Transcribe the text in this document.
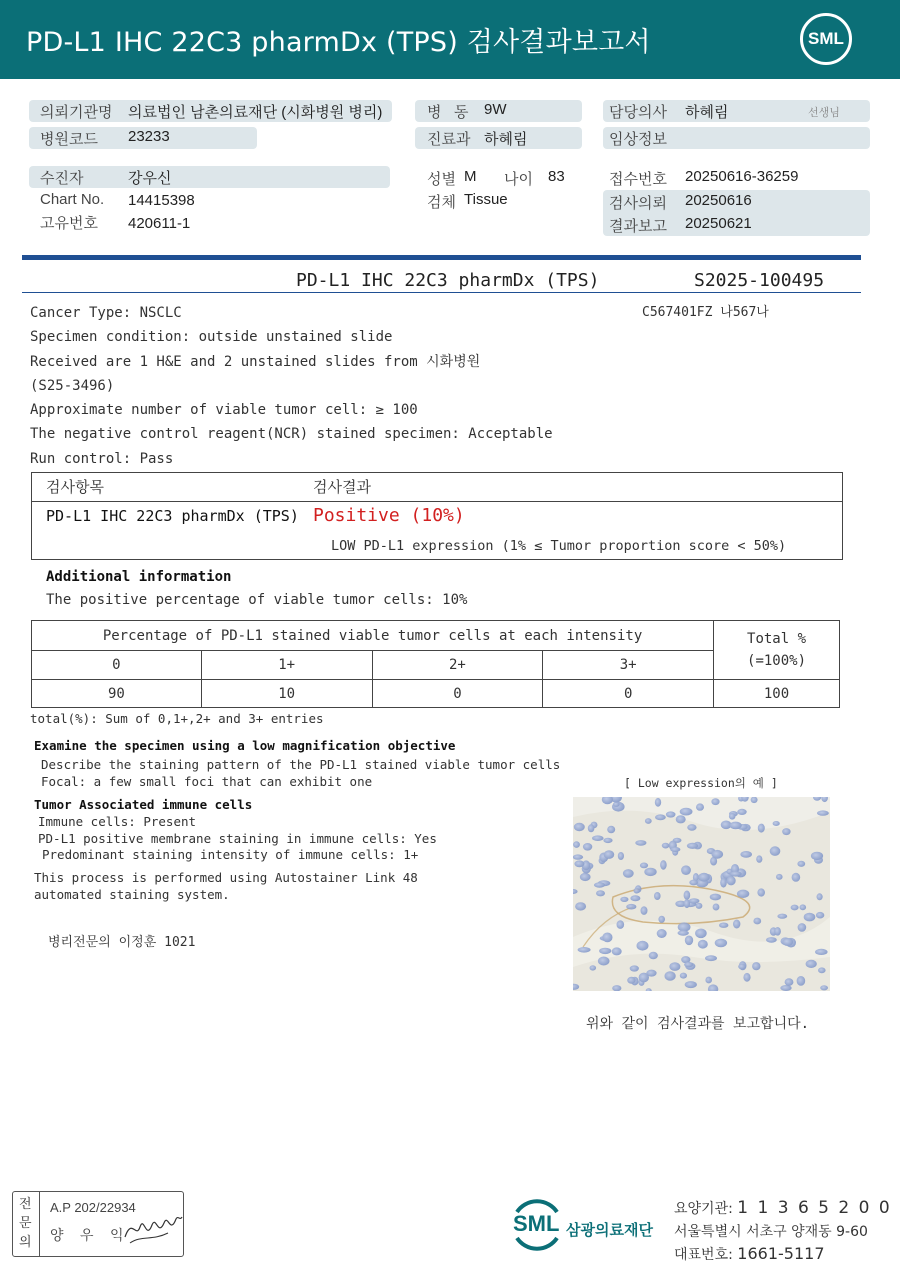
PD-L1 IHC 22C3 pharmDx (TPS) 검사결과보고서	SML
의뢰기관명 의료법인 남촌의료재단 (시화병원 병리)
병원코드 23233
병   동 9W
진료과 하혜림
담당의사 하혜림	선생님
임상정보
수진자	강우신
Chart No. 14415398
고유번호 420611-1
성별 M 나이 83
검체 Tissue
접수번호 20250616-36259
검사의뢰 20250616
결과보고 20250621
PD-L1 IHC 22C3 pharmDx (TPS)	S2025-100495
C567401FZ 나567나
Cancer Type: NSCLC
Specimen condition: outside unstained slide
Received are 1 H&E and 2 unstained slides from 시화병원
(S25-3496)
Approximate number of viable tumor cell: ≥ 100
The negative control reagent(NCR) stained specimen: Acceptable
Run control: Pass
검사항목	검사결과
PD-L1 IHC 22C3 pharmDx (TPS) Positive (10%)
LOW PD-L1 expression (1% ≤ Tumor proportion score < 50%)
Additional information
The positive percentage of viable tumor cells: 10%
Percentage of PD-L1 stained viable tumor cells at each intensity				Total %
(=100%)

0	1+	2+	3+	
90	10	0	0	100
total(%): Sum of 0,1+,2+ and 3+ entries
Examine the specimen using a low magnification objective
Describe the staining pattern of the PD-L1 stained viable tumor cells
Focal: a few small foci that can exhibit one	[ Low expression의 예 ]
Tumor Associated immune cells
Immune cells: Present
PD-L1 positive membrane staining in immune cells: Yes
Predominant staining intensity of immune cells: 1+
This process is performed using Autostainer Link 48
automated staining system.
병리전문의 이정훈 1021
위와 같이 검사결과를 보고합니다.
전
문
의
A.P 202/22934
양 우 익	SML 삼광의료재단
요양기관: 1 1 3 6 5 2 0 0
서울특별시 서초구 양재동 9-60
대표번호: 1661-5117
